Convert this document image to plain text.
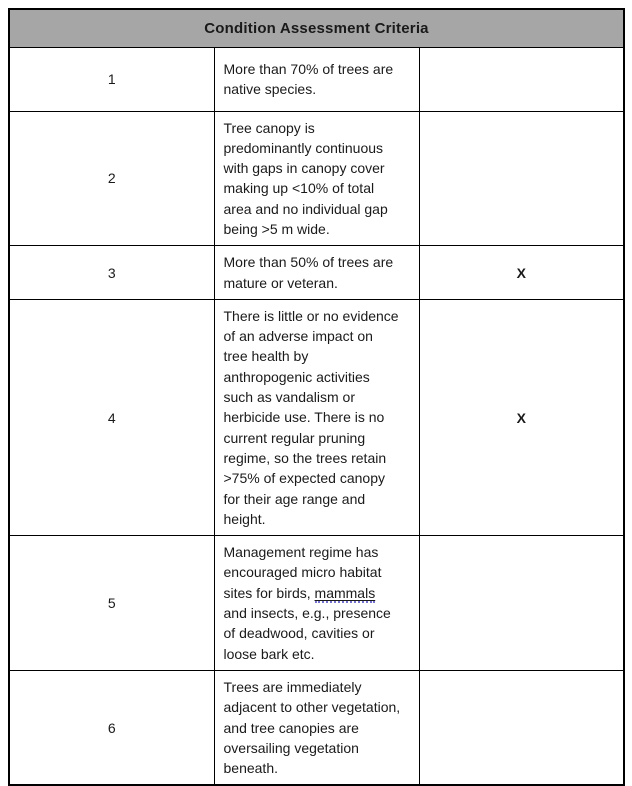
Condition Assessment Criteria		
1	More than 70% of trees are native species.	
2	Tree canopy is predominantly continuous with gaps in canopy cover making up <10% of total area and no individual gap being >5 m wide.	
3	More than 50% of trees are mature or veteran.	X
4	There is little or no evidence of an adverse impact on tree health by anthropogenic activities such as vandalism or herbicide use. There is no current regular pruning regime, so the trees retain >75% of expected canopy for their age range and height.	X
5	Management regime has encouraged micro habitat sites for birds, mammals and insects, e.g., presence of deadwood, cavities or loose bark etc.	
6	Trees are immediately adjacent to other vegetation, and tree canopies are oversailing vegetation beneath.	
